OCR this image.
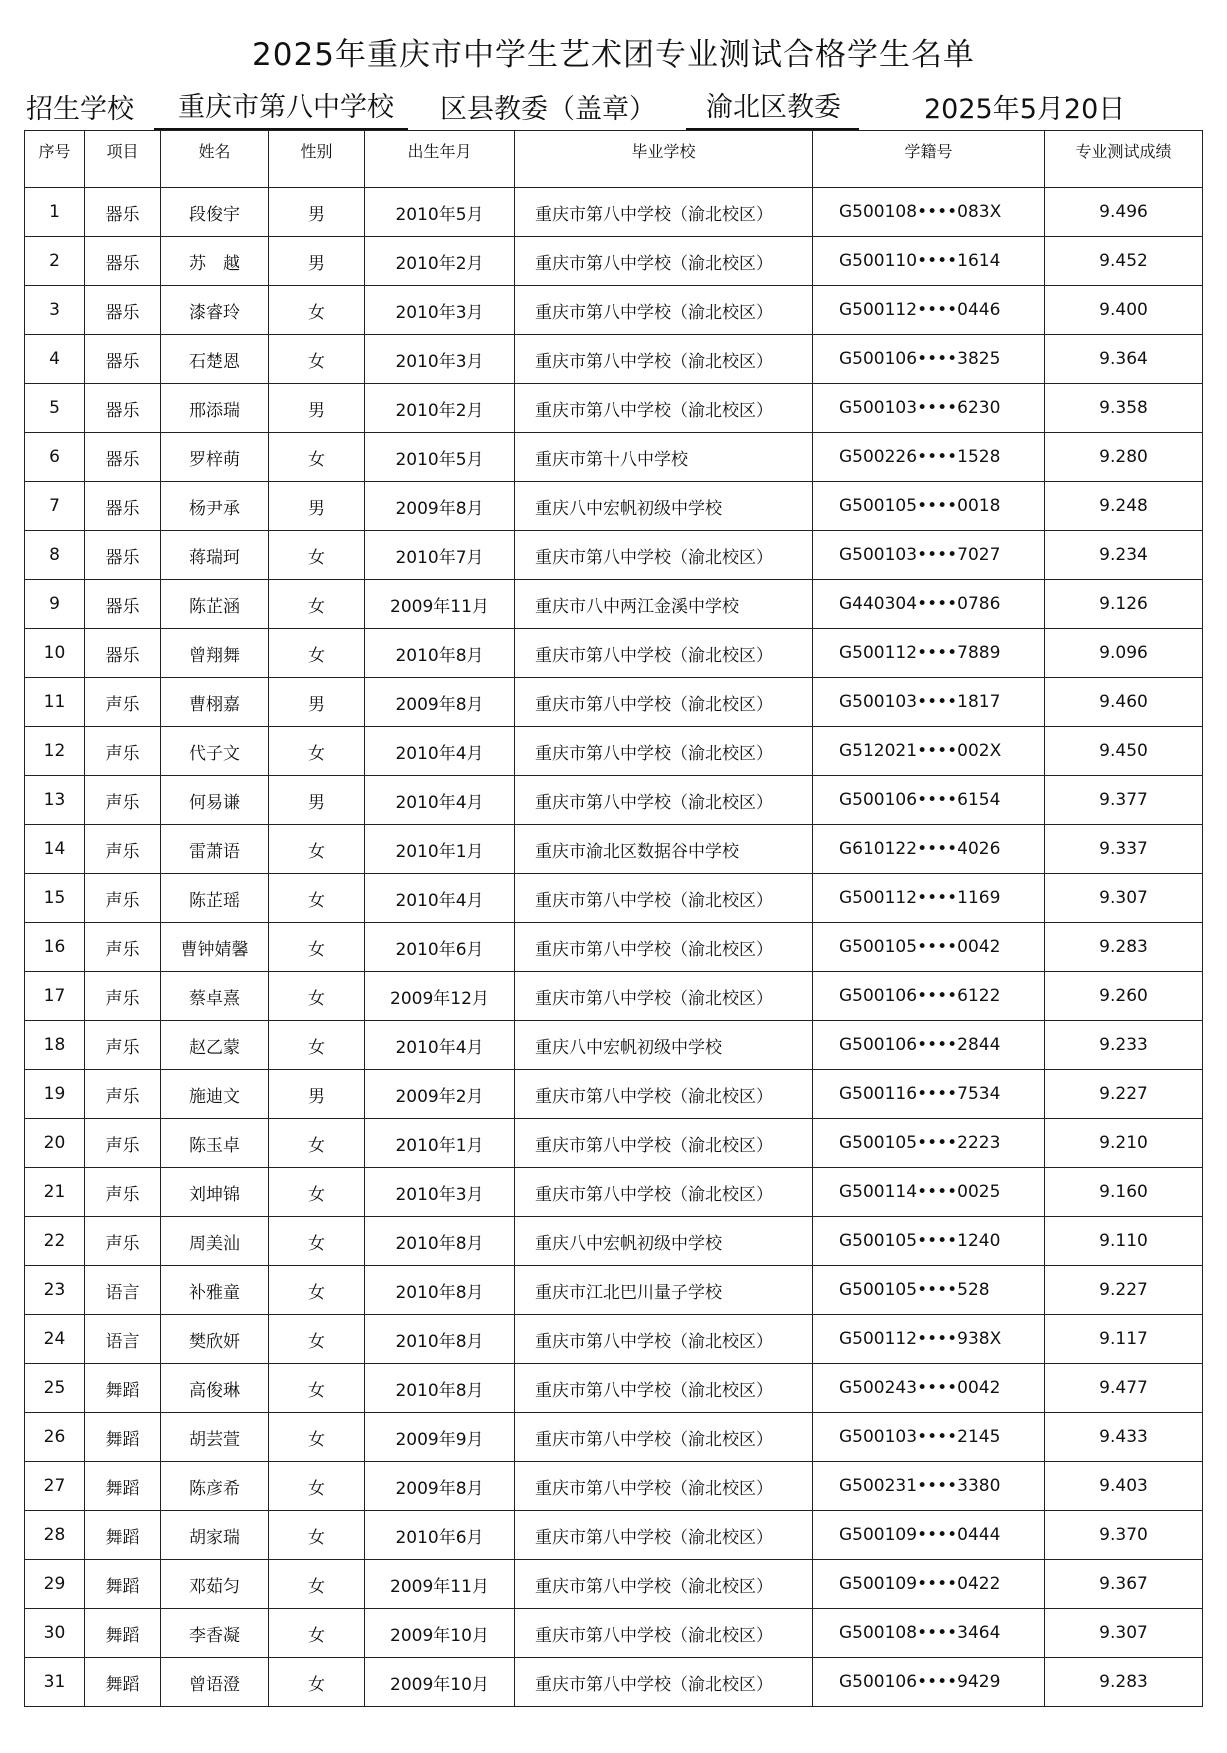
2025年重庆市中学生艺术团专业测试合格学生名单
招生学校	重庆市第八中学校	区县教委（盖章）	渝北区教委	2025年5月20日
序号	项目	姓名	性别	出生年月	毕业学校	学籍号	专业测试成绩
1	器乐	段俊宇	男	2010年5月	重庆市第八中学校（渝北校区）	G500108••••083X	9.496
2	器乐	苏　越	男	2010年2月	重庆市第八中学校（渝北校区）	G500110••••1614	9.452
3	器乐	漆睿玲	女	2010年3月	重庆市第八中学校（渝北校区）	G500112••••0446	9.400
4	器乐	石楚恩	女	2010年3月	重庆市第八中学校（渝北校区）	G500106••••3825	9.364
5	器乐	邢添瑞	男	2010年2月	重庆市第八中学校（渝北校区）	G500103••••6230	9.358
6	器乐	罗梓萌	女	2010年5月	重庆市第十八中学校	G500226••••1528	9.280
7	器乐	杨尹承	男	2009年8月	重庆八中宏帆初级中学校	G500105••••0018	9.248
8	器乐	蒋瑞珂	女	2010年7月	重庆市第八中学校（渝北校区）	G500103••••7027	9.234
9	器乐	陈芷涵	女	2009年11月	重庆市八中两江金溪中学校	G440304••••0786	9.126
10	器乐	曾翔舞	女	2010年8月	重庆市第八中学校（渝北校区）	G500112••••7889	9.096
11	声乐	曹栩嘉	男	2009年8月	重庆市第八中学校（渝北校区）	G500103••••1817	9.460
12	声乐	代子文	女	2010年4月	重庆市第八中学校（渝北校区）	G512021••••002X	9.450
13	声乐	何易谦	男	2010年4月	重庆市第八中学校（渝北校区）	G500106••••6154	9.377
14	声乐	雷萧语	女	2010年1月	重庆市渝北区数据谷中学校	G610122••••4026	9.337
15	声乐	陈芷瑶	女	2010年4月	重庆市第八中学校（渝北校区）	G500112••••1169	9.307
16	声乐	曹钟婧馨	女	2010年6月	重庆市第八中学校（渝北校区）	G500105••••0042	9.283
17	声乐	蔡卓熹	女	2009年12月	重庆市第八中学校（渝北校区）	G500106••••6122	9.260
18	声乐	赵乙蒙	女	2010年4月	重庆八中宏帆初级中学校	G500106••••2844	9.233
19	声乐	施迪文	男	2009年2月	重庆市第八中学校（渝北校区）	G500116••••7534	9.227
20	声乐	陈玉卓	女	2010年1月	重庆市第八中学校（渝北校区）	G500105••••2223	9.210
21	声乐	刘坤锦	女	2010年3月	重庆市第八中学校（渝北校区）	G500114••••0025	9.160
22	声乐	周美汕	女	2010年8月	重庆八中宏帆初级中学校	G500105••••1240	9.110
23	语言	补雅童	女	2010年8月	重庆市江北巴川量子学校	G500105••••528	9.227
24	语言	樊欣妍	女	2010年8月	重庆市第八中学校（渝北校区）	G500112••••938X	9.117
25	舞蹈	高俊琳	女	2010年8月	重庆市第八中学校（渝北校区）	G500243••••0042	9.477
26	舞蹈	胡芸萱	女	2009年9月	重庆市第八中学校（渝北校区）	G500103••••2145	9.433
27	舞蹈	陈彦希	女	2009年8月	重庆市第八中学校（渝北校区）	G500231••••3380	9.403
28	舞蹈	胡家瑞	女	2010年6月	重庆市第八中学校（渝北校区）	G500109••••0444	9.370
29	舞蹈	邓茹匀	女	2009年11月	重庆市第八中学校（渝北校区）	G500109••••0422	9.367
30	舞蹈	李香凝	女	2009年10月	重庆市第八中学校（渝北校区）	G500108••••3464	9.307
31	舞蹈	曾语澄	女	2009年10月	重庆市第八中学校（渝北校区）	G500106••••9429	9.283
